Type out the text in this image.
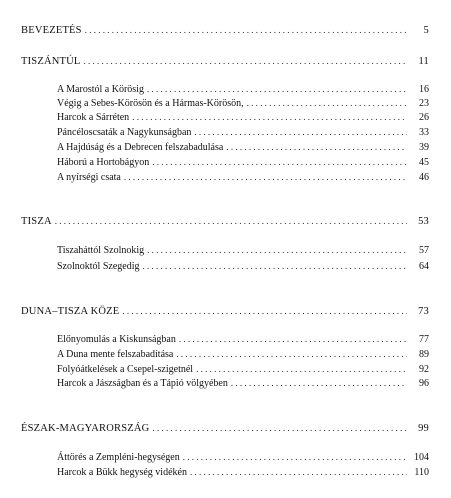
BEVEZETÉS . . .	5
TISZÁNTÚL . . .	11
A Marostól a Körösig . . .	16
Végig a Sebes-Körösön és a Hármas-Körösön, . . .	23
Harcok a Sárréten . . .	26
Páncéloscsaták a Nagykunságban . . .	33
A Hajdúság és a Debrecen felszabadulása . . .	39
Háború a Hortobágyon . . .	45
A nyírségi csata . . .	46
TISZA . . .	53
Tiszaháttól Szolnokig . . .	57
Szolnoktól Szegedig . . .	64
DUNA–TISZA KÖZE . . .	73
Előnyomulás a Kiskunságban . . .	77
A Duna mente felszabadítása . . .	89
Folyóátkelések a Csepel-szigetnél . . .	92
Harcok a Jászságban és a Tápió völgyében . . .	96
ÉSZAK-MAGYARORSZÁG . . .	99
Áttörés a Zempléni-hegységen . . .	104
Harcok a Bükk hegység vidékén . . .	110
